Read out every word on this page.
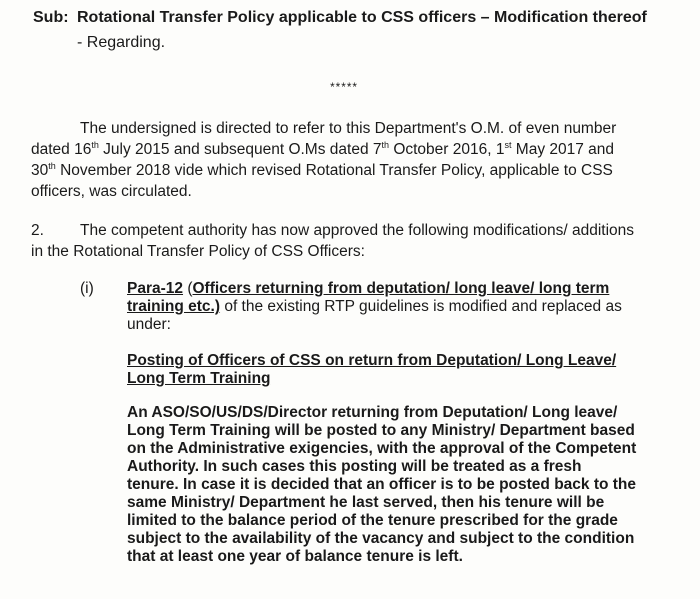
Sub: Rotational Transfer Policy applicable to CSS officers – Modification thereof
- Regarding.
*****
The undersigned is directed to refer to this Department's O.M. of even number
dated 16th July 2015 and subsequent O.Ms dated 7th October 2016, 1st May 2017 and
30th November 2018 vide which revised Rotational Transfer Policy, applicable to CSS
officers, was circulated.
2. The competent authority has now approved the following modifications/ additions
in the Rotational Transfer Policy of CSS Officers:
(i) Para-12 (Officers returning from deputation/ long leave/ long term
training etc.) of the existing RTP guidelines is modified and replaced as
under:
Posting of Officers of CSS on return from Deputation/ Long Leave/
Long Term Training
An ASO/SO/US/DS/Director returning from Deputation/ Long leave/
Long Term Training will be posted to any Ministry/ Department based
on the Administrative exigencies, with the approval of the Competent
Authority. In such cases this posting will be treated as a fresh
tenure. In case it is decided that an officer is to be posted back to the
same Ministry/ Department he last served, then his tenure will be
limited to the balance period of the tenure prescribed for the grade
subject to the availability of the vacancy and subject to the condition
that at least one year of balance tenure is left.
